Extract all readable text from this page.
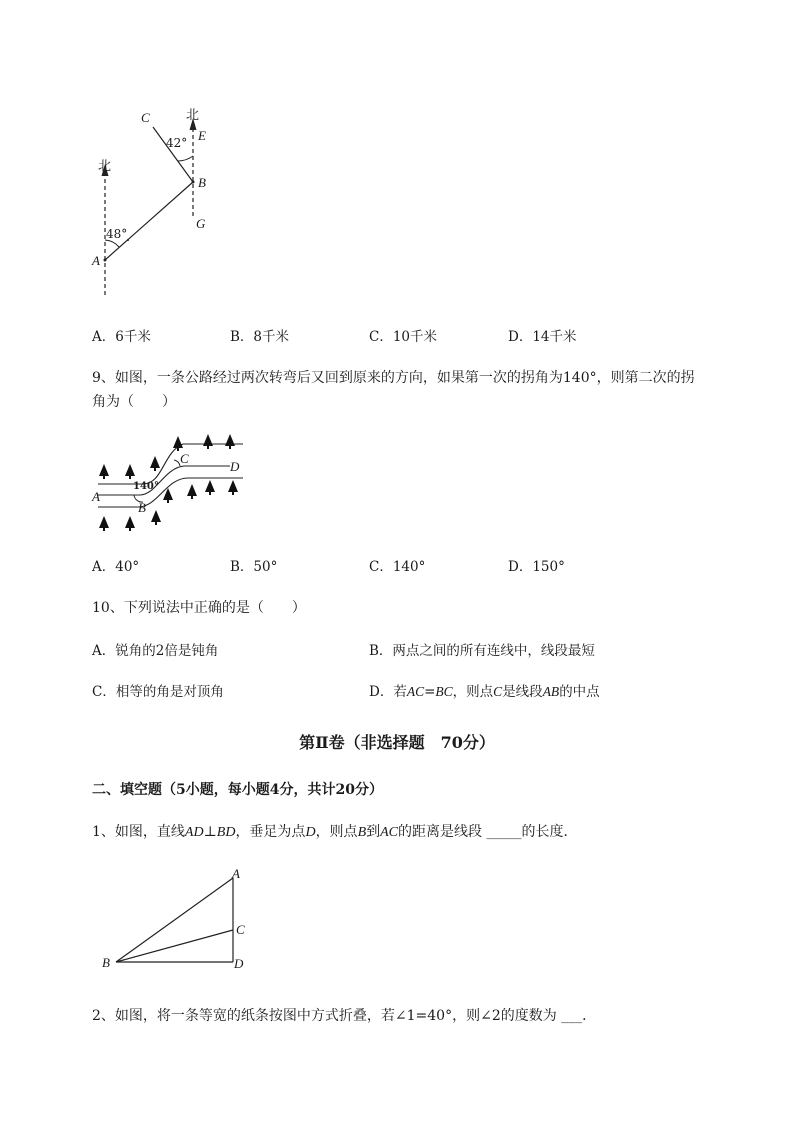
北
北
C
E
B
G
A
42°
48°
A．6千米	B．8千米	C．10千米	D．14千米
9、如图，一条公路经过两次转弯后又回到原来的方向，如果第一次的拐角为140°，则第二次的拐
角为（　　）
A
B
C
D
140°
A．40°	B．50°	C．140°	D．150°
10、下列说法中正确的是（　　）
A．锐角的2倍是钝角	B．两点之间的所有连线中，线段最短
C．相等的角是对顶角	D．若AC=BC，则点C是线段AB的中点
第Ⅱ卷（非选择题　70分）
二、填空题（5小题，每小题4分，共计20分）
1、如图，直线AD⊥BD，垂足为点D，则点B到AC的距离是线段 _____的长度．
A
B
C
D
2、如图，将一条等宽的纸条按图中方式折叠，若∠1=40°，则∠2的度数为 ___．
